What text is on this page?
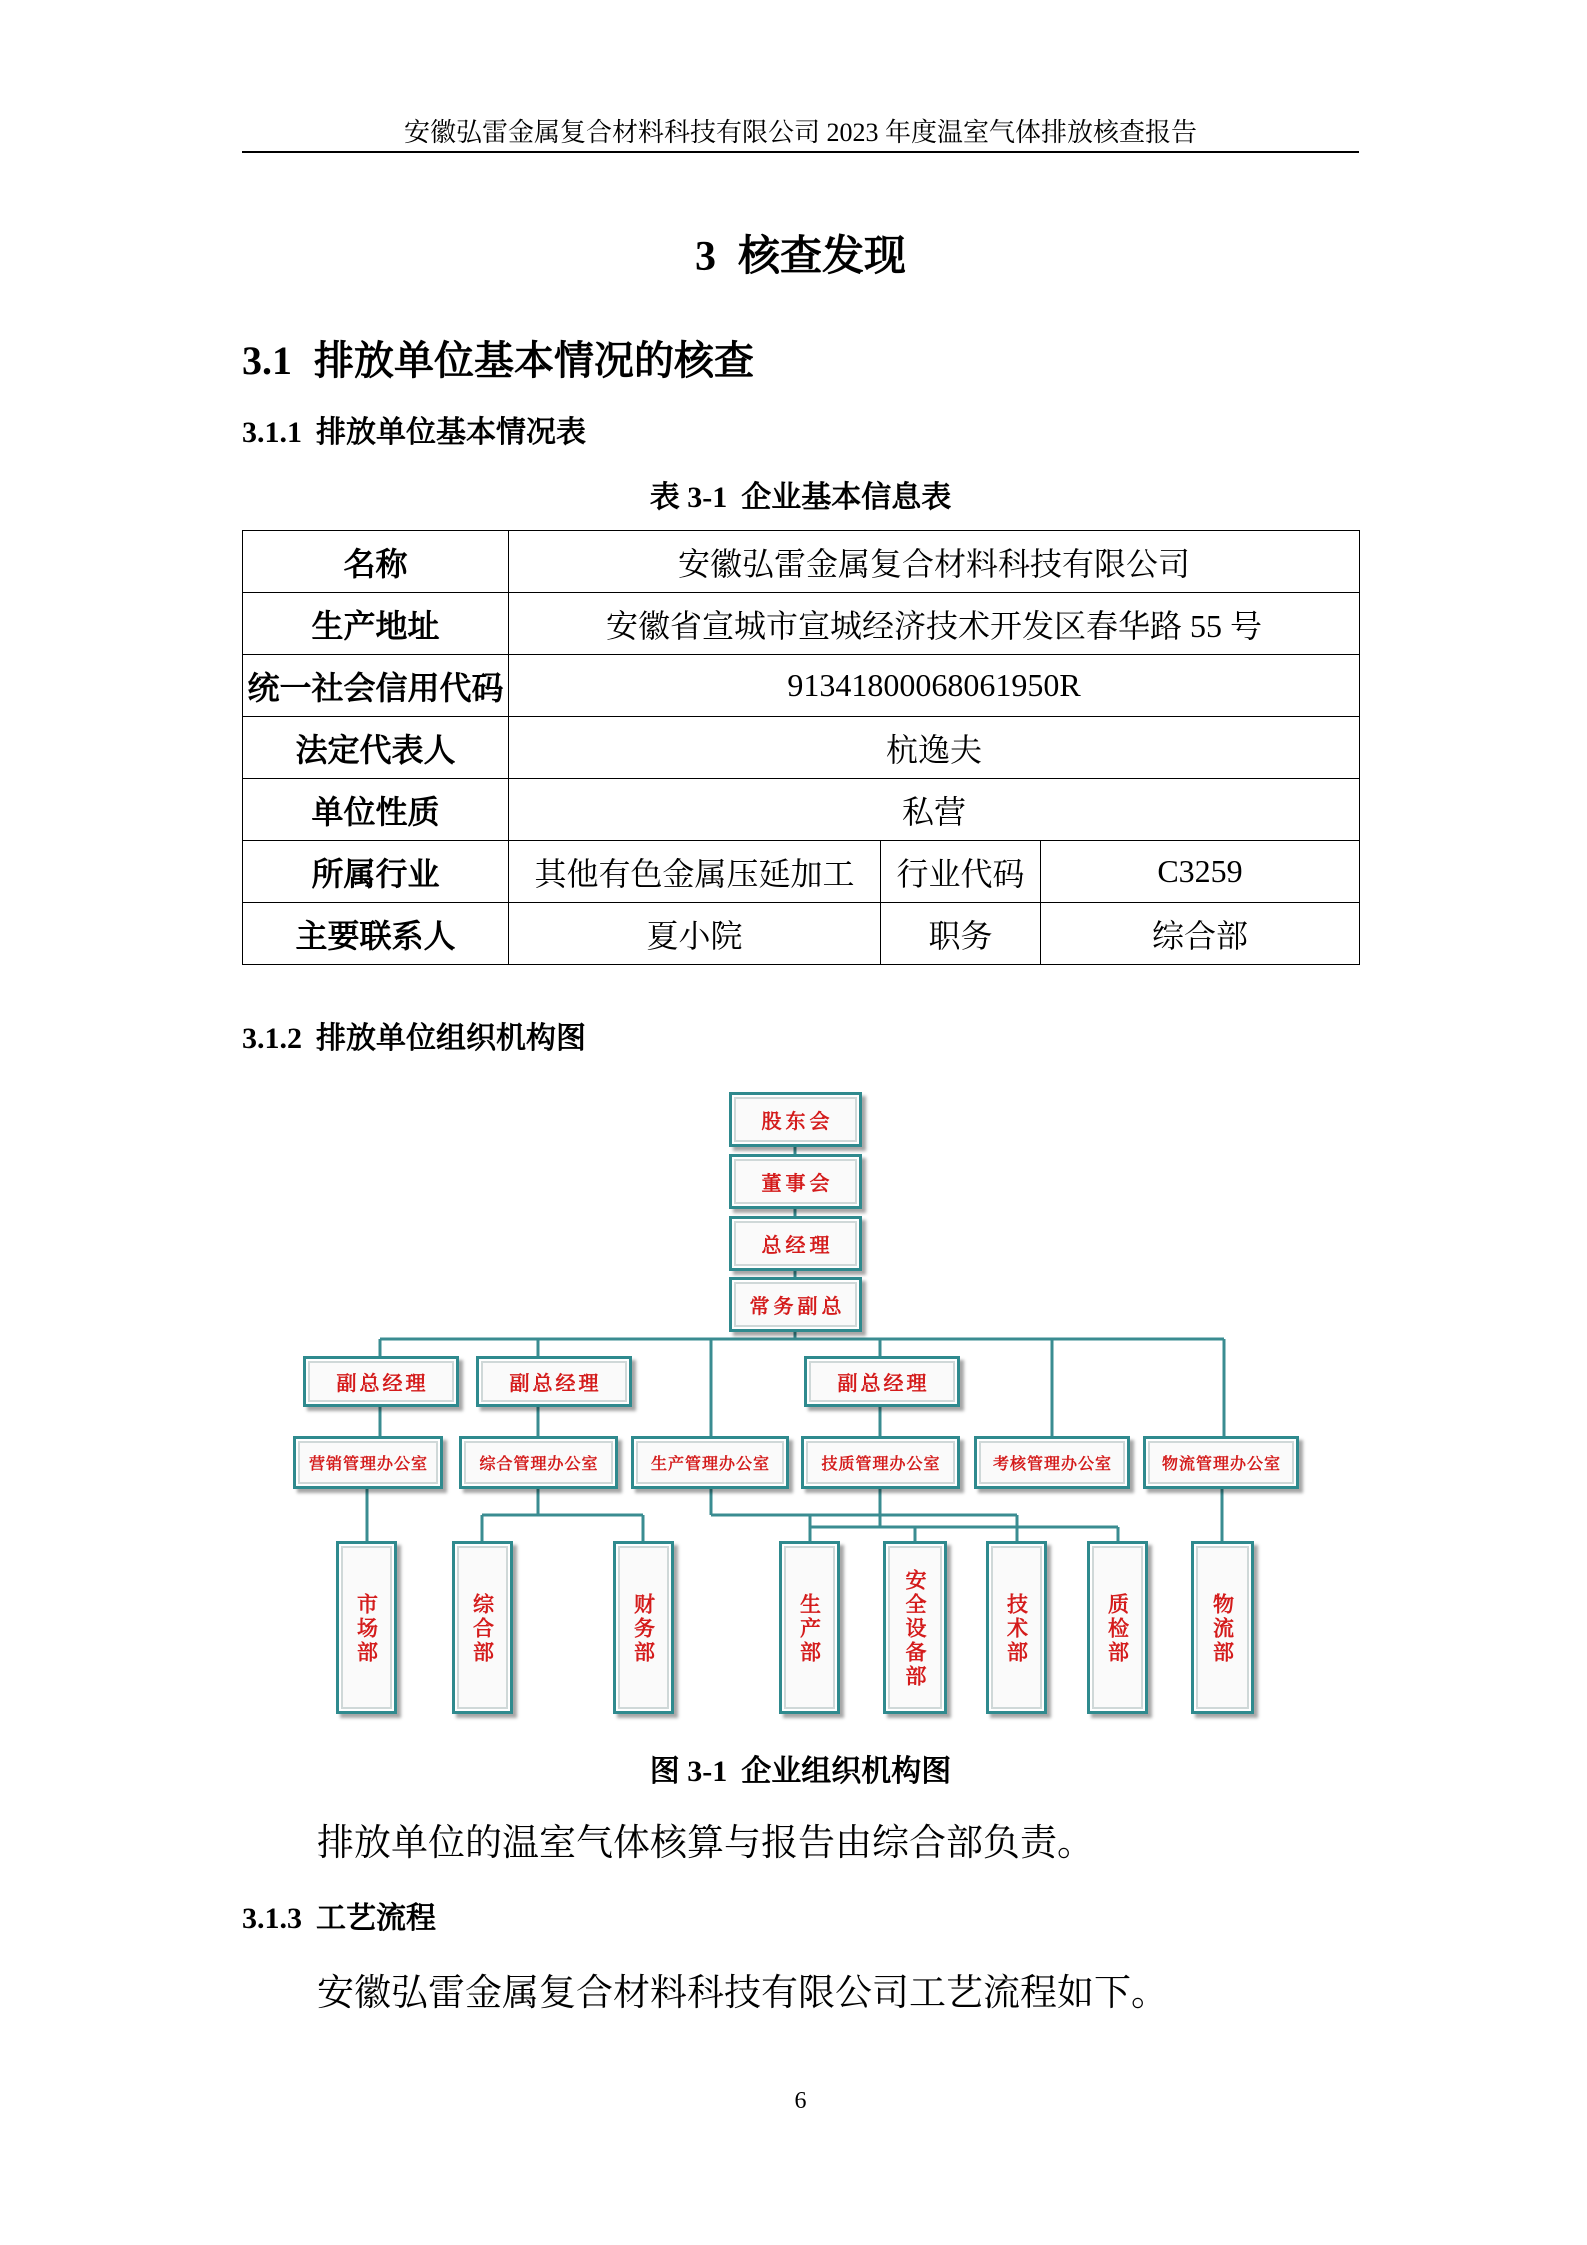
安徽弘雷金属复合材料科技有限公司 2023 年度温室气体排放核查报告
3 核查发现
3.1 排放单位基本情况的核查
3.1.1 排放单位基本情况表
表 3-1 企业基本信息表
名称	安徽弘雷金属复合材料科技有限公司		
生产地址	安徽省宣城市宣城经济技术开发区春华路 55 号		
统一社会信用代码	91341800068061950R		
法定代表人	杭逸夫		
单位性质	私营		
所属行业	其他有色金属压延加工	行业代码	C3259
主要联系人	夏小院	职务	综合部
3.1.2 排放单位组织机构图
股东会
董事会
总经理
常务副总
副总经理	副总经理	副总经理
营销管理办公室	综合管理办公室	生产管理办公室	技质管理办公室	考核管理办公室	物流管理办公室
市场部	综合部	财务部	生产部	安全设备部	技术部	质检部	物流部
图 3-1 企业组织机构图
排放单位的温室气体核算与报告由综合部负责。
3.1.3 工艺流程
安徽弘雷金属复合材料科技有限公司工艺流程如下。
6
